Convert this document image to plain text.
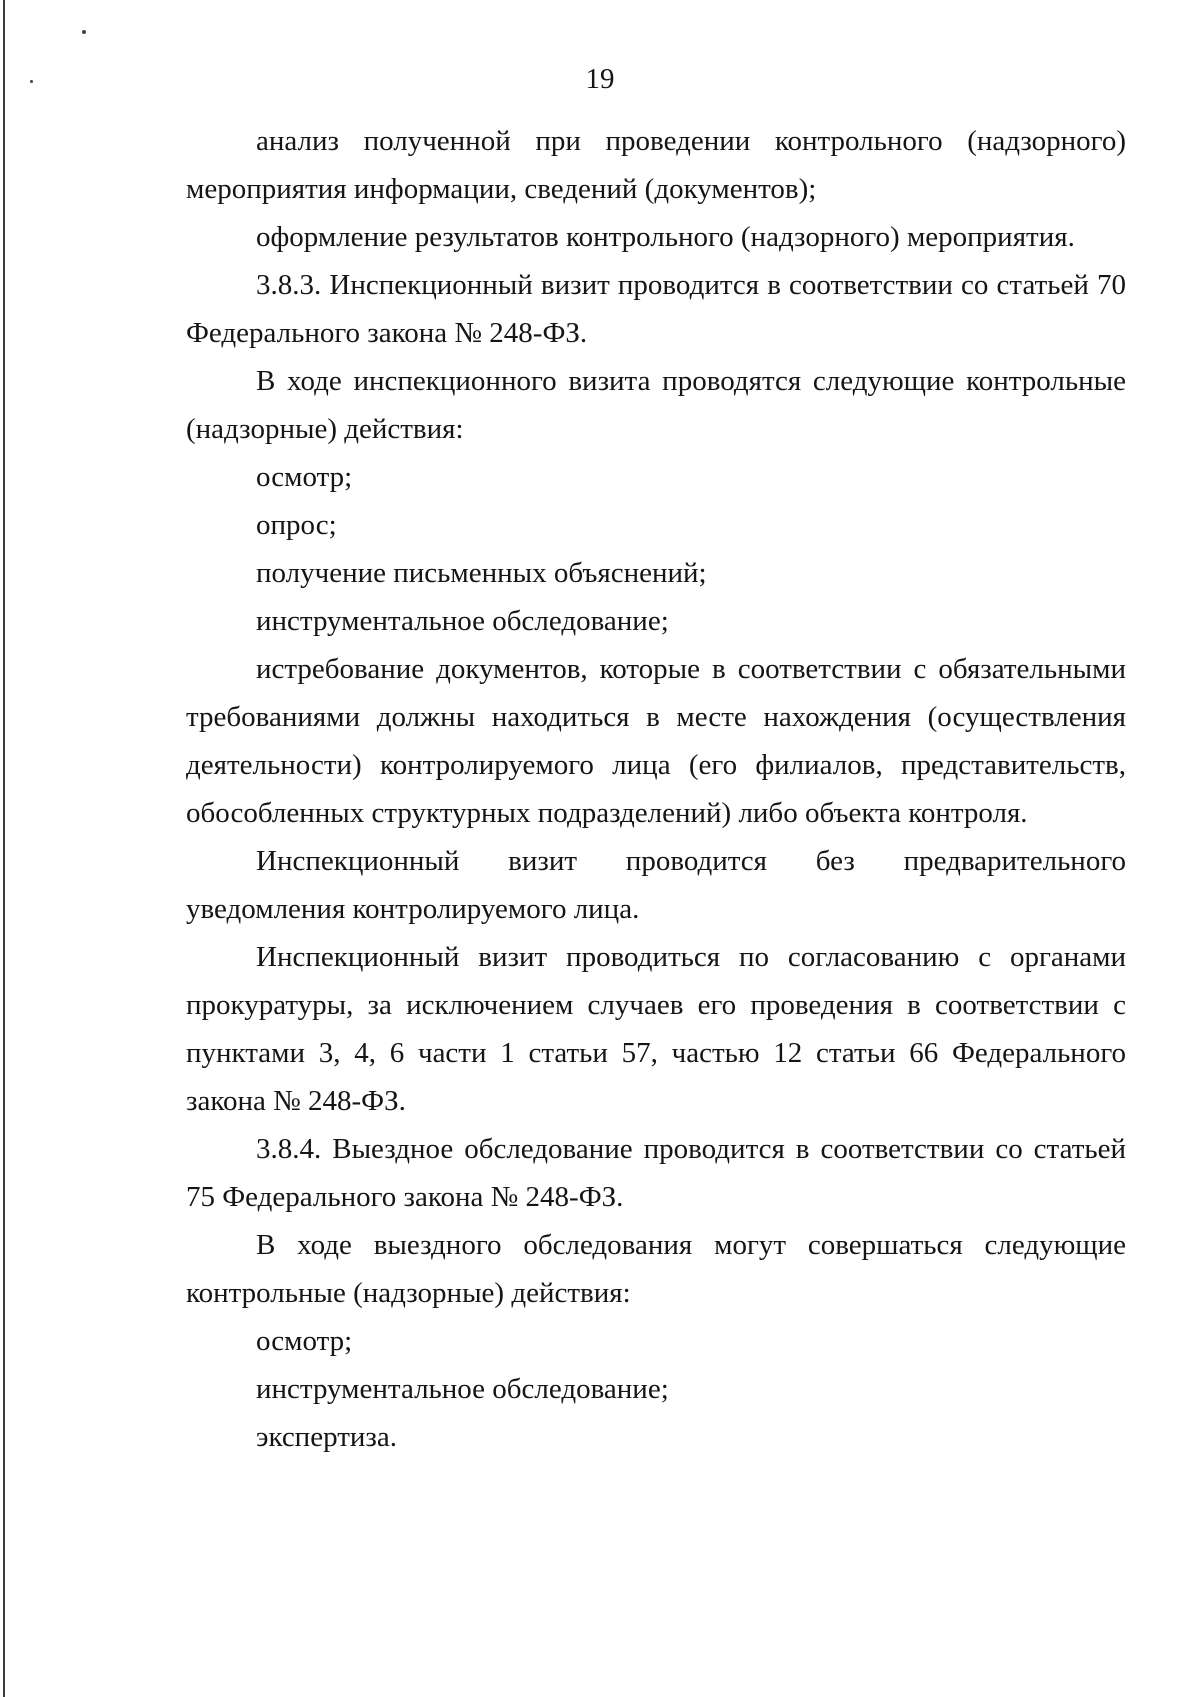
19

анализ полученной при проведении контрольного (надзорного) мероприятия информации, сведений (документов);

оформление результатов контрольного (надзорного) мероприятия.

3.8.3. Инспекционный визит проводится в соответствии со статьей 70 Федерального закона № 248-ФЗ.

В ходе инспекционного визита проводятся следующие контрольные (надзорные) действия:

осмотр;

опрос;

получение письменных объяснений;

инструментальное обследование;

истребование документов, которые в соответствии с обязательными требованиями должны находиться в месте нахождения (осуществления деятельности) контролируемого лица (его филиалов, представительств, обособленных структурных подразделений) либо объекта контроля.

Инспекционный визит проводится без предварительного уведомления контролируемого лица.

Инспекционный визит проводиться по согласованию с органами прокуратуры, за исключением случаев его проведения в соответствии с пунктами 3, 4, 6 части 1 статьи 57, частью 12 статьи 66 Федерального закона № 248-ФЗ.

3.8.4. Выездное обследование проводится в соответствии со статьей 75 Федерального закона № 248-ФЗ.

В ходе выездного обследования могут совершаться следующие контрольные (надзорные) действия:

осмотр;

инструментальное обследование;

экспертиза.
